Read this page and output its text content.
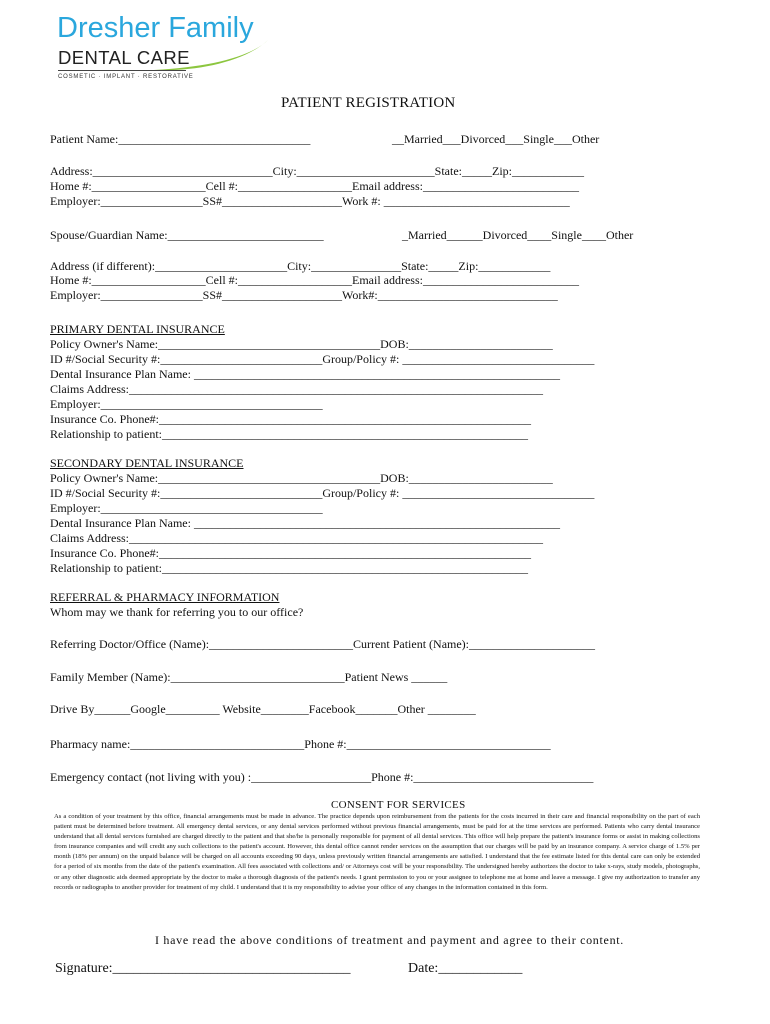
Dresher Family
DENTAL CARE
COSMETIC · IMPLANT · RESTORATIVE
PATIENT REGISTRATION
Patient Name:________________________________	__Married___Divorced___Single___Other
Address:______________________________City:_______________________State:_____Zip:____________
Home #:___________________Cell #:___________________Email address:__________________________
Employer:_________________SS#____________________Work #: _______________________________
Spouse/Guardian Name:__________________________	_Married______Divorced____Single____Other
Address (if different):______________________City:_______________State:_____Zip:____________
Home #:___________________Cell #:___________________Email address:__________________________
Employer:_________________SS#____________________Work#:______________________________
PRIMARY DENTAL INSURANCE
Policy Owner's Name:_____________________________________DOB:________________________
ID #/Social Security #:___________________________Group/Policy #: ________________________________
Dental Insurance Plan Name: _____________________________________________________________
Claims Address:_____________________________________________________________________
Employer:_____________________________________
Insurance Co. Phone#:______________________________________________________________
Relationship to patient:_____________________________________________________________
SECONDARY DENTAL INSURANCE
Policy Owner's Name:_____________________________________DOB:________________________
ID #/Social Security #:___________________________Group/Policy #: ________________________________
Employer:_____________________________________
Dental Insurance Plan Name: _____________________________________________________________
Claims Address:_____________________________________________________________________
Insurance Co. Phone#:______________________________________________________________
Relationship to patient:_____________________________________________________________
REFERRAL & PHARMACY INFORMATION
Whom may we thank for referring you to our office?
Referring Doctor/Office (Name):________________________Current Patient (Name):_____________________
Family Member (Name):_____________________________Patient News ______
Drive By______Google_________ Website________Facebook_______Other ________
Pharmacy name:_____________________________Phone #:__________________________________
Emergency contact (not living with you) :____________________Phone #:______________________________
CONSENT FOR SERVICES
As a condition of your treatment by this office, financial arrangements must be made in advance. The practice depends upon reimbursement from the patients for the costs incurred in their care and financial responsibility on the part of each patient must be determined before treatment. All emergency dental services, or any dental services performed without previous financial arrangements, must be paid for at the time services are performed. Patients who carry dental insurance understand that all dental services furnished are charged directly to the patient and that she/he is personally responsible for payment of all dental services. This office will help prepare the patient's insurance forms or assist in making collections from insurance companies and will credit any such collections to the patient's account. However, this dental office cannot render services on the assumption that our charges will be paid by an insurance company. A service charge of 1.5% per month (18% per annum) on the unpaid balance will be charged on all accounts exceeding 90 days, unless previously written financial arrangements are satisfied. I understand that the fee estimate listed for this dental care can only be extended for a period of six months from the date of the patient's examination. All fees associated with collections and/ or Attorneys cost will be your responsibility. The undersigned hereby authorizes the doctor to take x-rays, study models, photographs, or any other diagnostic aids deemed appropriate by the doctor to make a thorough diagnosis of the patient's needs. I grant permission to you or your assignee to telephone me at home and leave a message. I give my authorization to transfer any records or radiographs to another provider for treatment of my child. I understand that it is my responsibility to advise your office of any changes in the information contained in this form.
I have read the above conditions of treatment and payment and agree to their content.
Signature:__________________________________	Date:____________
